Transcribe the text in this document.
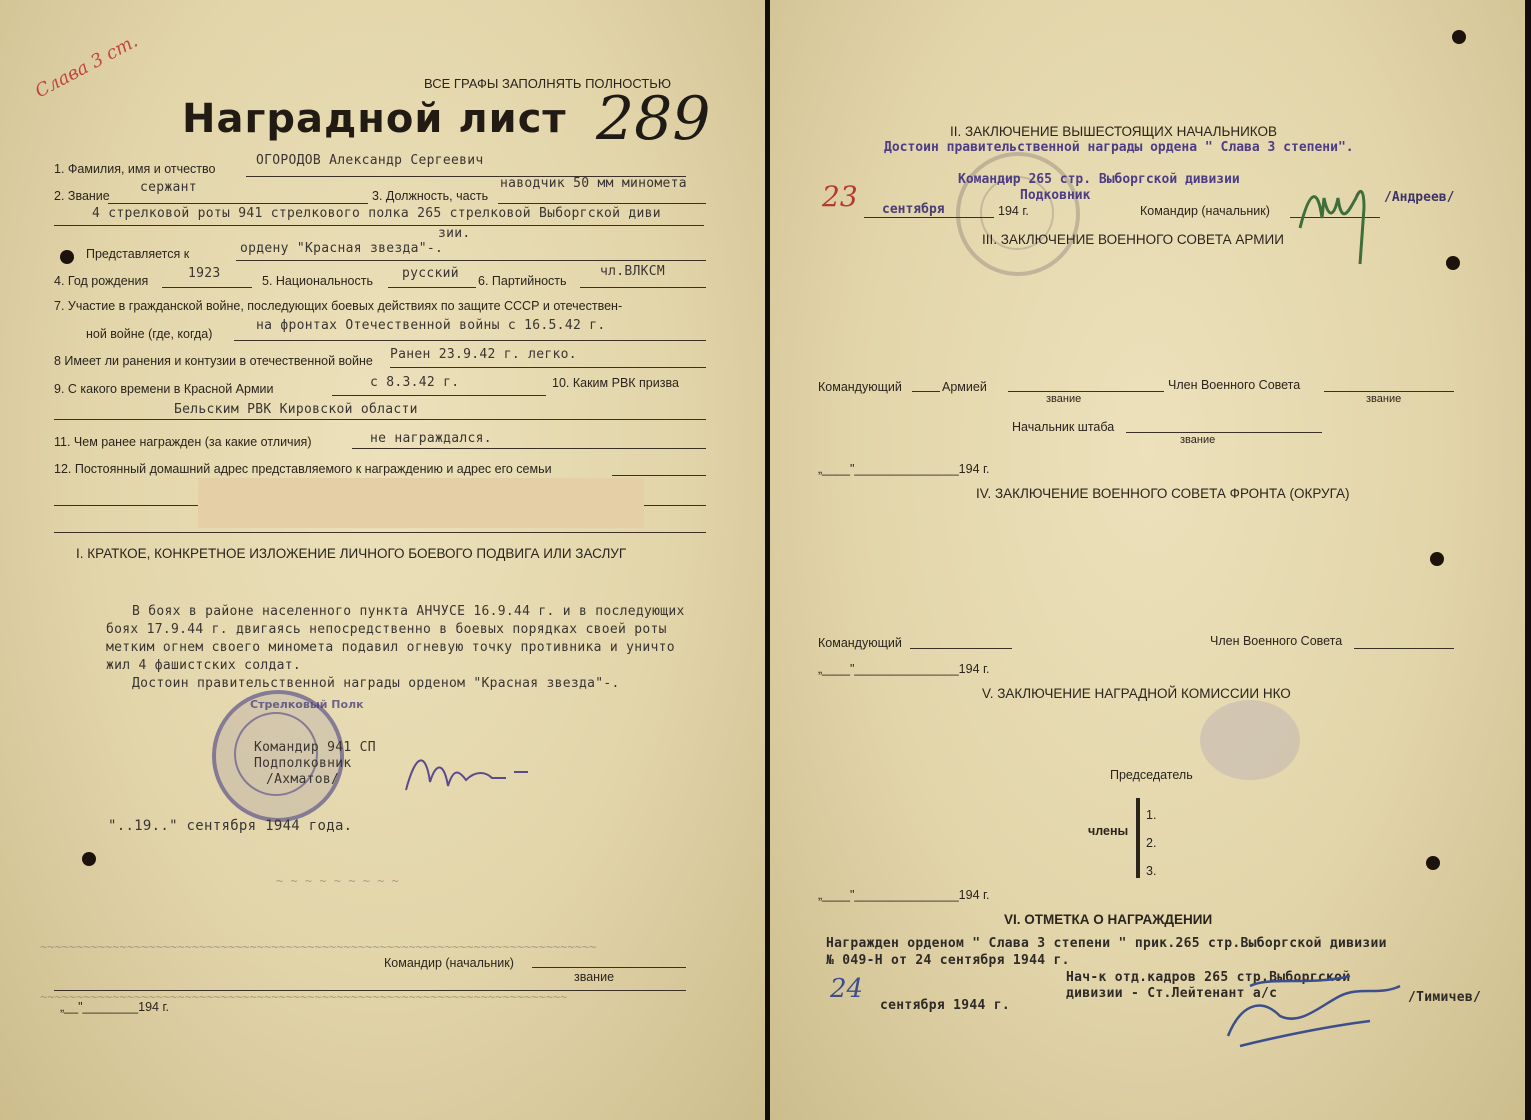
Слава 3 ст.	ВСЕ ГРАФЫ ЗАПОЛНЯТЬ ПОЛНОСТЬЮ
Наградной лист 289
1. Фамилия, имя и отчество
ОГОРОДОВ Александр Сергеевич
2. Звание
сержант
3. Должность, часть
наводчик 50 мм миномета
4 стрелковой роты 941 стрелкового полка 265 стрелковой Выборгской диви
зии.
Представляется к	ордену "Красная звезда"-.
4. Год рождения	1923	5. Национальность русский 6. Партийность
чл.ВЛКСМ
7. Участие в гражданской войне, последующих боевых действиях по защите СССР и отечествен-
ной войне (где, когда)
на фронтах Отечественной войны с 16.5.42 г.
8 Имеет ли ранения и контузии в отечественной войне Ранен 23.9.42 г. легко.
9. С какого времени в Красной Армии	с 8.3.42 г.	10. Каким РВК призва
Бельским РВК Кировской области
11. Чем ранее награжден (за какие отличия)	не награждался.
12. Постоянный домашний адрес представляемого к награждению и адрес его семьи
I. КРАТКОЕ, КОНКРЕТНОЕ ИЗЛОЖЕНИЕ ЛИЧНОГО БОЕВОГО ПОДВИГА ИЛИ ЗАСЛУГ
В боях в районе населенного пункта АНЧУСЕ 16.9.44 г. и в последующих
боях 17.9.44 г. двигаясь непосредственно в боевых порядках своей роты
метким огнем своего миномета подавил огневую точку противника и уничто
жил 4 фашистских солдат.
Достоин правительственной награды орденом "Красная звезда"-.
Стрелковый Полк
Командир 941 СП
Подполковник
/Ахматов/
"..19.." сентября 1944 года.
~ ~ ~ ~ ~ ~ ~ ~ ~
~~~~~~~~~~~~~~~~~~~~~~~~~~~~~~~~~~~~~~~~~~~~~~~~~~~~~~~~~~~~~~~~~~~~~~~~~~~~~
~~~~~~~~~~~~~~~~~~~~~~~~~~~~~~~~~~~~~~~~~~~~~~~~~~~~~~~~~~~~~~~~~~~~~~~~~
Командир (начальник)
звание
„__"________194 г.
II. ЗАКЛЮЧЕНИЕ ВЫШЕСТОЯЩИХ НАЧАЛЬНИКОВ
Достоин правительственной награды ордена " Слава 3 степени".
Командир 265 стр. Выборгской дивизии
Подковник
23 сентября	194 г.	Командир (начальник)
/Андреев/
III. ЗАКЛЮЧЕНИЕ ВОЕННОГО СОВЕТА АРМИИ
Командующий	Армией	Член Военного Совета
звание	звание
Начальник штаба
звание
„____"_______________194 г.
IV. ЗАКЛЮЧЕНИЕ ВОЕННОГО СОВЕТА ФРОНТА (ОКРУГА)
Командующий	Член Военного Совета
„____"_______________194 г.
V. ЗАКЛЮЧЕНИЕ НАГРАДНОЙ КОМИССИИ НКО
Председатель
члены
1.
2.
3.
„____"_______________194 г.
VI. ОТМЕТКА О НАГРАЖДЕНИИ
Награжден орденом " Слава 3 степени " прик.265 стр.Выборгской дивизии
№ 049-Н от 24 сентября 1944 г.
Нач-к отд.кадров 265 стр.Выборгской
дивизии - Ст.Лейтенант а/с
24
сентября 1944 г.
/Тимичев/
